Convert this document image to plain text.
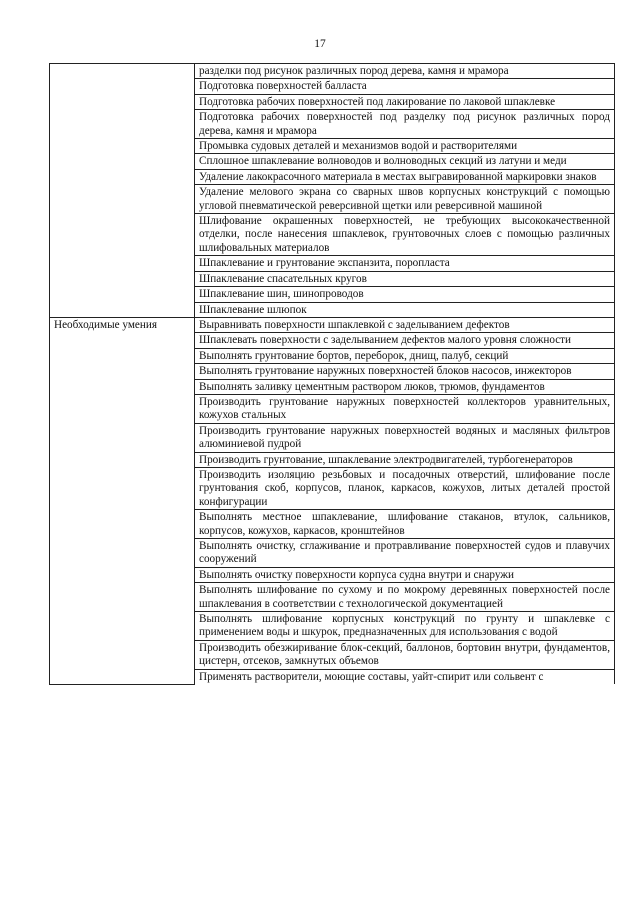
17
	разделки под рисунок различных пород дерева, камня и мрамора
	Подготовка поверхностей балласта
	Подготовка рабочих поверхностей под лакирование по лаковой шпаклевке
	Подготовка рабочих поверхностей под разделку под рисунок различных пород дерева, камня и мрамора
	Промывка судовых деталей и механизмов водой и растворителями
	Сплошное шпаклевание волноводов и волноводных секций из латуни и меди
	Удаление лакокрасочного материала в местах выгравированной маркировки знаков
	Удаление мелового экрана со сварных швов корпусных конструкций с помощью угловой пневматической реверсивной щетки или реверсивной машиной
	Шлифование окрашенных поверхностей, не требующих высококачественной отделки, после нанесения шпаклевок, грунтовочных слоев с помощью различных шлифовальных материалов
	Шпаклевание и грунтование экспанзита, поропласта
	Шпаклевание спасательных кругов
	Шпаклевание шин, шинопроводов
	Шпаклевание шлюпок
Необходимые умения	Выравнивать поверхности шпаклевкой с заделыванием дефектов
	Шпаклевать поверхности с заделыванием дефектов малого уровня сложности
	Выполнять грунтование бортов, переборок, днищ, палуб, секций
	Выполнять грунтование наружных поверхностей блоков насосов, инжекторов
	Выполнять заливку цементным раствором люков, трюмов, фундаментов
	Производить грунтование наружных поверхностей коллекторов уравнительных, кожухов стальных
	Производить грунтование наружных поверхностей водяных и масляных фильтров алюминиевой пудрой
	Производить грунтование, шпаклевание электродвигателей, турбогенераторов
	Производить изоляцию резьбовых и посадочных отверстий, шлифование после грунтования скоб, корпусов, планок, каркасов, кожухов, литых деталей простой конфигурации
	Выполнять местное шпаклевание, шлифование стаканов, втулок, сальников, корпусов, кожухов, каркасов, кронштейнов
	Выполнять очистку, сглаживание и протравливание поверхностей судов и плавучих сооружений
	Выполнять очистку поверхности корпуса судна внутри и снаружи
	Выполнять шлифование по сухому и по мокрому деревянных поверхностей после шпаклевания в соответствии с технологической документацией
	Выполнять шлифование корпусных конструкций по грунту и шпаклевке с применением воды и шкурок, предназначенных для использования с водой
	Производить обезжиривание блок-секций, баллонов, бортовин внутри, фундаментов, цистерн, отсеков, замкнутых объемов
	Применять растворители, моющие составы, уайт-спирит или сольвент с
